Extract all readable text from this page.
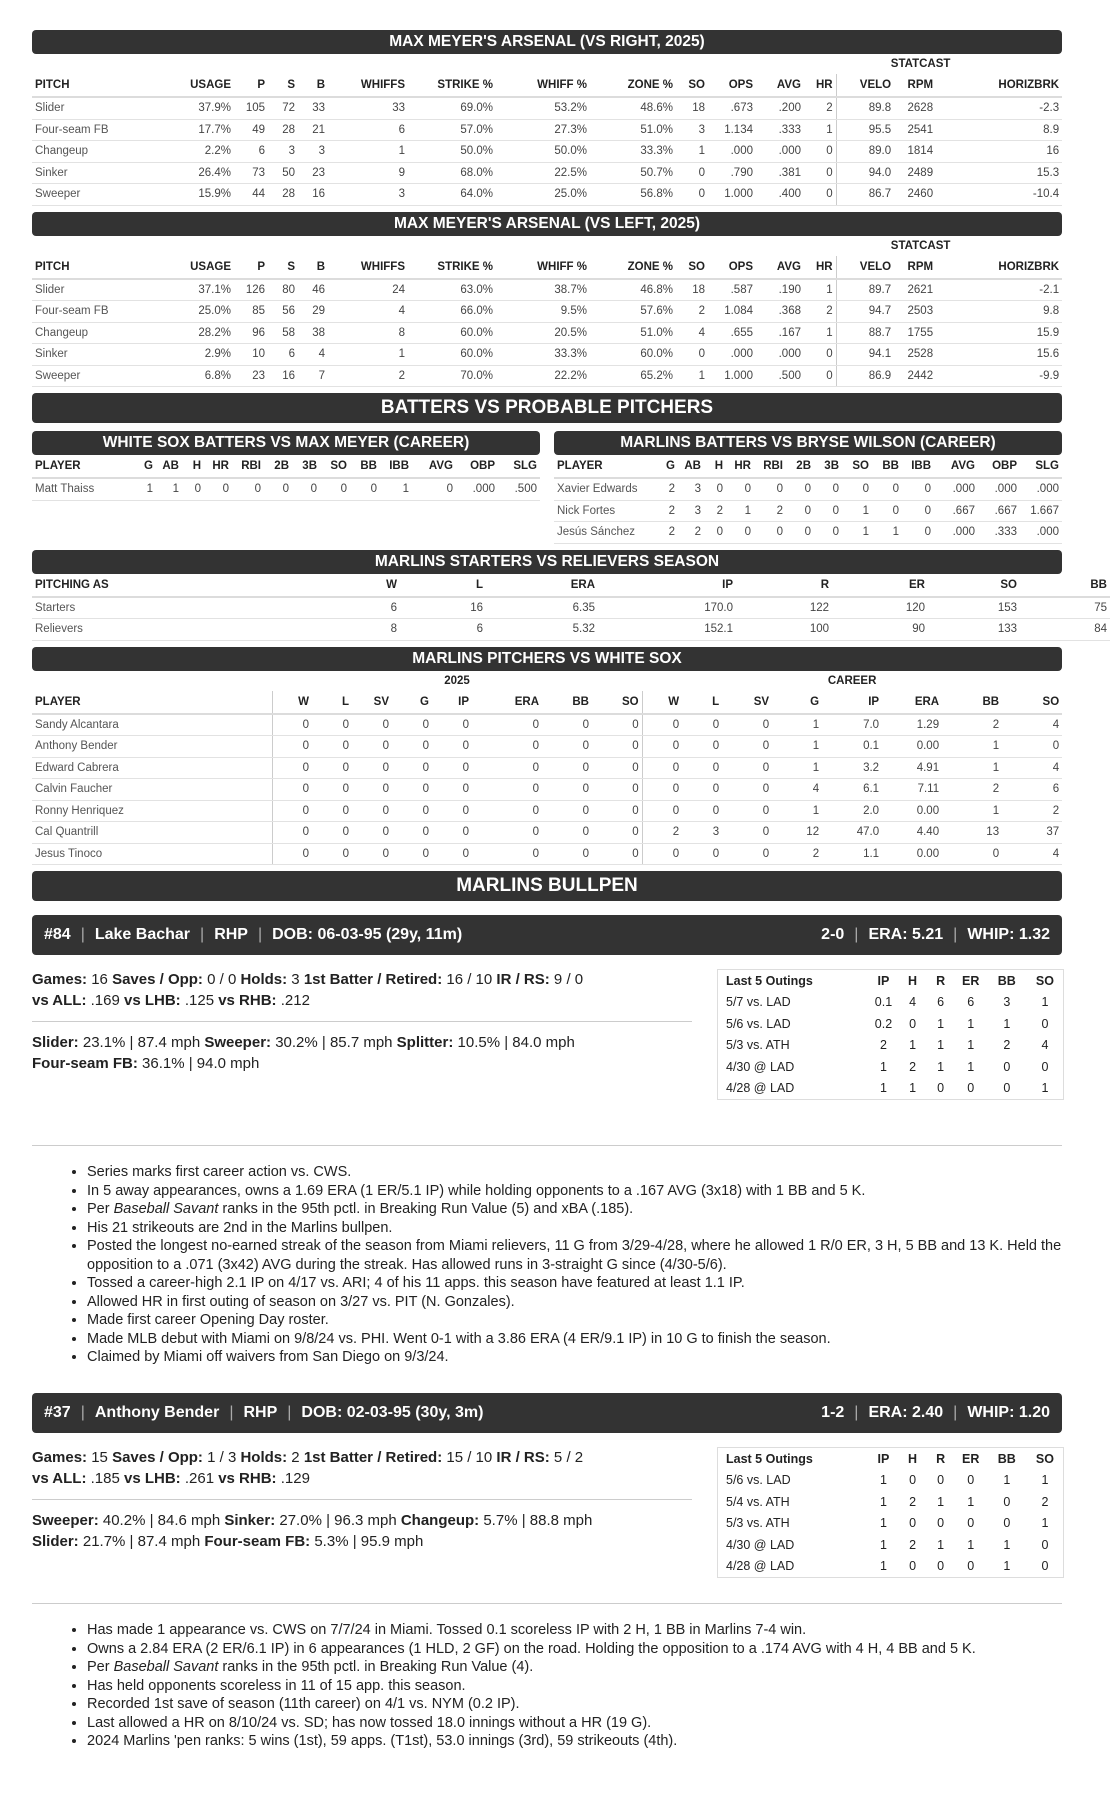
MAX MEYER'S ARSENAL (VS RIGHT, 2025)
													STATCAST		
PITCH	USAGE	P	S	B	WHIFFS	STRIKE %	WHIFF %	ZONE %	SO	OPS	AVG	HR	VELO	RPM	HORIZBRK
Slider	37.9%	105	72	33	33	69.0%	53.2%	48.6%	18	.673	.200	2	89.8	2628	-2.3
Four-seam FB	17.7%	49	28	21	6	57.0%	27.3%	51.0%	3	1.134	.333	1	95.5	2541	8.9
Changeup	2.2%	6	3	3	1	50.0%	50.0%	33.3%	1	.000	.000	0	89.0	1814	16
Sinker	26.4%	73	50	23	9	68.0%	22.5%	50.7%	0	.790	.381	0	94.0	2489	15.3
Sweeper	15.9%	44	28	16	3	64.0%	25.0%	56.8%	0	1.000	.400	0	86.7	2460	-10.4
MAX MEYER'S ARSENAL (VS LEFT, 2025)
													STATCAST		
PITCH	USAGE	P	S	B	WHIFFS	STRIKE %	WHIFF %	ZONE %	SO	OPS	AVG	HR	VELO	RPM	HORIZBRK
Slider	37.1%	126	80	46	24	63.0%	38.7%	46.8%	18	.587	.190	1	89.7	2621	-2.1
Four-seam FB	25.0%	85	56	29	4	66.0%	9.5%	57.6%	2	1.084	.368	2	94.7	2503	9.8
Changeup	28.2%	96	58	38	8	60.0%	20.5%	51.0%	4	.655	.167	1	88.7	1755	15.9
Sinker	2.9%	10	6	4	1	60.0%	33.3%	60.0%	0	.000	.000	0	94.1	2528	15.6
Sweeper	6.8%	23	16	7	2	70.0%	22.2%	65.2%	1	1.000	.500	0	86.9	2442	-9.9
BATTERS VS PROBABLE PITCHERS
WHITE SOX BATTERS VS MAX MEYER (CAREER)
PLAYER	G	AB	H	HR	RBI	2B	3B	SO	BB	IBB	AVG	OBP	SLG	
Matt Thaiss	1	1	0	0	0	0	0	0	0	1	0	.000	.500	
MARLINS BATTERS VS BRYSE WILSON (CAREER)
PLAYER	G	AB	H	HR	RBI	2B	3B	SO	BB	IBB	AVG	OBP	SLG
Xavier Edwards	2	3	0	0	0	0	0	0	0	0	.000	.000	.000
Nick Fortes	2	3	2	1	2	0	0	1	0	0	.667	.667	1.667
Jesús Sánchez	2	2	0	0	0	0	0	1	1	0	.000	.333	.000
MARLINS STARTERS VS RELIEVERS SEASON
PITCHING AS	W	L	ERA	IP	R	ER	SO	BB
Starters	6	16	6.35	170.0	122	120	153	75
Relievers	8	6	5.32	152.1	100	90	133	84
MARLINS PITCHERS VS WHITE SOX
	2025								CAREER							
PLAYER	W	L	SV	G	IP	ERA	BB	SO	W	L	SV	G	IP	ERA	BB	SO
Sandy Alcantara	0	0	0	0	0	0	0	0	0	0	0	1	7.0	1.29	2	4
Anthony Bender	0	0	0	0	0	0	0	0	0	0	0	1	0.1	0.00	1	0
Edward Cabrera	0	0	0	0	0	0	0	0	0	0	0	1	3.2	4.91	1	4
Calvin Faucher	0	0	0	0	0	0	0	0	0	0	0	4	6.1	7.11	2	6
Ronny Henriquez	0	0	0	0	0	0	0	0	0	0	0	1	2.0	0.00	1	2
Cal Quantrill	0	0	0	0	0	0	0	0	2	3	0	12	47.0	4.40	13	37
Jesus Tinoco	0	0	0	0	0	0	0	0	0	0	0	2	1.1	0.00	0	4
MARLINS BULLPEN
#84 | Lake Bachar | RHP | DOB: 06-03-95 (29y, 11m)	2-0 | ERA: 5.21 | WHIP: 1.32
Games: 16 Saves / Opp: 0 / 0 Holds: 3 1st Batter / Retired: 16 / 10 IR / RS: 9 / 0
vs ALL: .169 vs LHB: .125 vs RHB: .212
Slider: 23.1% | 87.4 mph Sweeper: 30.2% | 85.7 mph Splitter: 10.5% | 84.0 mph
Four-seam FB: 36.1% | 94.0 mph
Last 5 Outings	IP	H	R	ER	BB	SO
5/7 vs. LAD	0.1	4	6	6	3	1
5/6 vs. LAD	0.2	0	1	1	1	0
5/3 vs. ATH	2	1	1	1	2	4
4/30 @ LAD	1	2	1	1	0	0
4/28 @ LAD	1	1	0	0	0	1
• Series marks first career action vs. CWS.
• In 5 away appearances, owns a 1.69 ERA (1 ER/5.1 IP) while holding opponents to a .167 AVG (3x18) with 1 BB and 5 K.
• Per Baseball Savant ranks in the 95th pctl. in Breaking Run Value (5) and xBA (.185).
• His 21 strikeouts are 2nd in the Marlins bullpen.
• Posted the longest no-earned streak of the season from Miami relievers, 11 G from 3/29-4/28, where he allowed 1 R/0 ER, 3 H, 5 BB and 13 K. Held the opposition to a .071 (3x42) AVG during the streak. Has allowed runs in 3-straight G since (4/30-5/6).
• Tossed a career-high 2.1 IP on 4/17 vs. ARI; 4 of his 11 apps. this season have featured at least 1.1 IP.
• Allowed HR in first outing of season on 3/27 vs. PIT (N. Gonzales).
• Made first career Opening Day roster.
• Made MLB debut with Miami on 9/8/24 vs. PHI. Went 0-1 with a 3.86 ERA (4 ER/9.1 IP) in 10 G to finish the season.
• Claimed by Miami off waivers from San Diego on 9/3/24.
#37 | Anthony Bender | RHP | DOB: 02-03-95 (30y, 3m)	1-2 | ERA: 2.40 | WHIP: 1.20
Games: 15 Saves / Opp: 1 / 3 Holds: 2 1st Batter / Retired: 15 / 10 IR / RS: 5 / 2
vs ALL: .185 vs LHB: .261 vs RHB: .129
Sweeper: 40.2% | 84.6 mph Sinker: 27.0% | 96.3 mph Changeup: 5.7% | 88.8 mph
Slider: 21.7% | 87.4 mph Four-seam FB: 5.3% | 95.9 mph
Last 5 Outings	IP	H	R	ER	BB	SO
5/6 vs. LAD	1	0	0	0	1	1
5/4 vs. ATH	1	2	1	1	0	2
5/3 vs. ATH	1	0	0	0	0	1
4/30 @ LAD	1	2	1	1	1	0
4/28 @ LAD	1	0	0	0	1	0
• Has made 1 appearance vs. CWS on 7/7/24 in Miami. Tossed 0.1 scoreless IP with 2 H, 1 BB in Marlins 7-4 win.
• Owns a 2.84 ERA (2 ER/6.1 IP) in 6 appearances (1 HLD, 2 GF) on the road. Holding the opposition to a .174 AVG with 4 H, 4 BB and 5 K.
• Per Baseball Savant ranks in the 95th pctl. in Breaking Run Value (4).
• Has held opponents scoreless in 11 of 15 app. this season.
• Recorded 1st save of season (11th career) on 4/1 vs. NYM (0.2 IP).
• Last allowed a HR on 8/10/24 vs. SD; has now tossed 18.0 innings without a HR (19 G).
• 2024 Marlins 'pen ranks: 5 wins (1st), 59 apps. (T1st), 53.0 innings (3rd), 59 strikeouts (4th).
